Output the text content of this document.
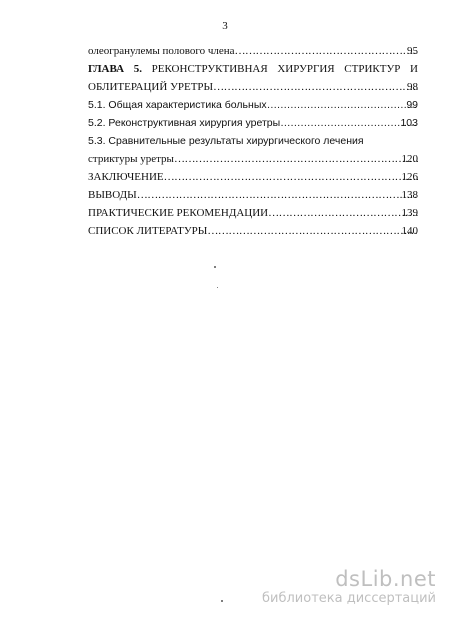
3
олеогранулемы полового члена ……………………………………………………………………………………………………………………………………………………………	95
ГЛАВА 5. РЕКОНСТРУКТИВНАЯ ХИРУРГИЯ СТРИКТУР И
ОБЛИТЕРАЦИЙ УРЕТРЫ ……………………………………………………………………………………………………………………………………………………………	98
5.1. Общая характеристика больных ……………………………………………………………………………………………………………………………………………………………	99
5.2. Реконструктивная хирургия уретры ……………………………………………………………………………………………………………………………………………………………	103
5.3. Сравнительные результаты хирургического лечения
стриктуры уретры ……………………………………………………………………………………………………………………………………………………………	120
ЗАКЛЮЧЕНИЕ ……………………………………………………………………………………………………………………………………………………………	126
ВЫВОДЫ ……………………………………………………………………………………………………………………………………………………………	138
ПРАКТИЧЕСКИЕ РЕКОМЕНДАЦИИ ……………………………………………………………………………………………………………………………………………………………	139
СПИСОК ЛИТЕРАТУРЫ ……………………………………………………………………………………………………………………………………………………………	140
dsLib.net
библиотека диссертаций
